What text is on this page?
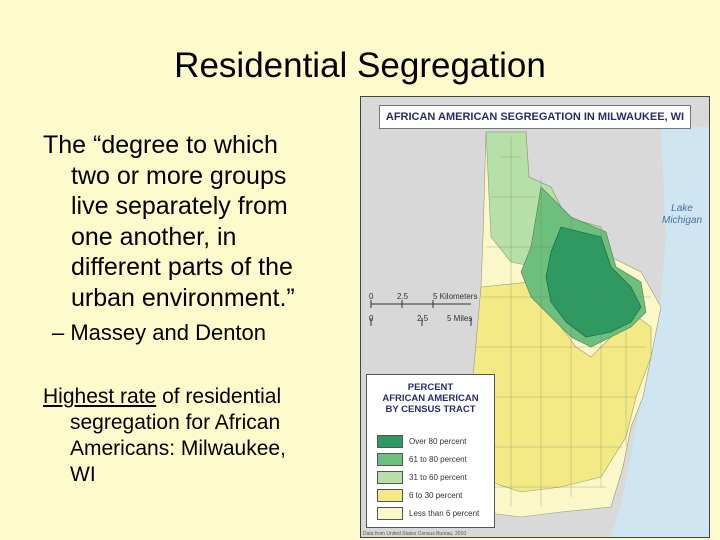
Residential Segregation
The “degree to which
two or more groups
live separately from
one another, in
different parts of the
urban environment.”
– Massey and Denton
Highest rate of residential
segregation for African
Americans: Milwaukee,
WI
AFRICAN AMERICAN SEGREGATION IN MILWAUKEE, WI
Lake
Michigan
0	2.5	5 Kilometers
0	2.5 5 Miles
PERCENT
AFRICAN AMERICAN
BY CENSUS TRACT
Over 80 percent
61 to 80 percent
31 to 60 percent
6 to 30 percent
Less than 6 percent
Data from United States Census Bureau, 2010
